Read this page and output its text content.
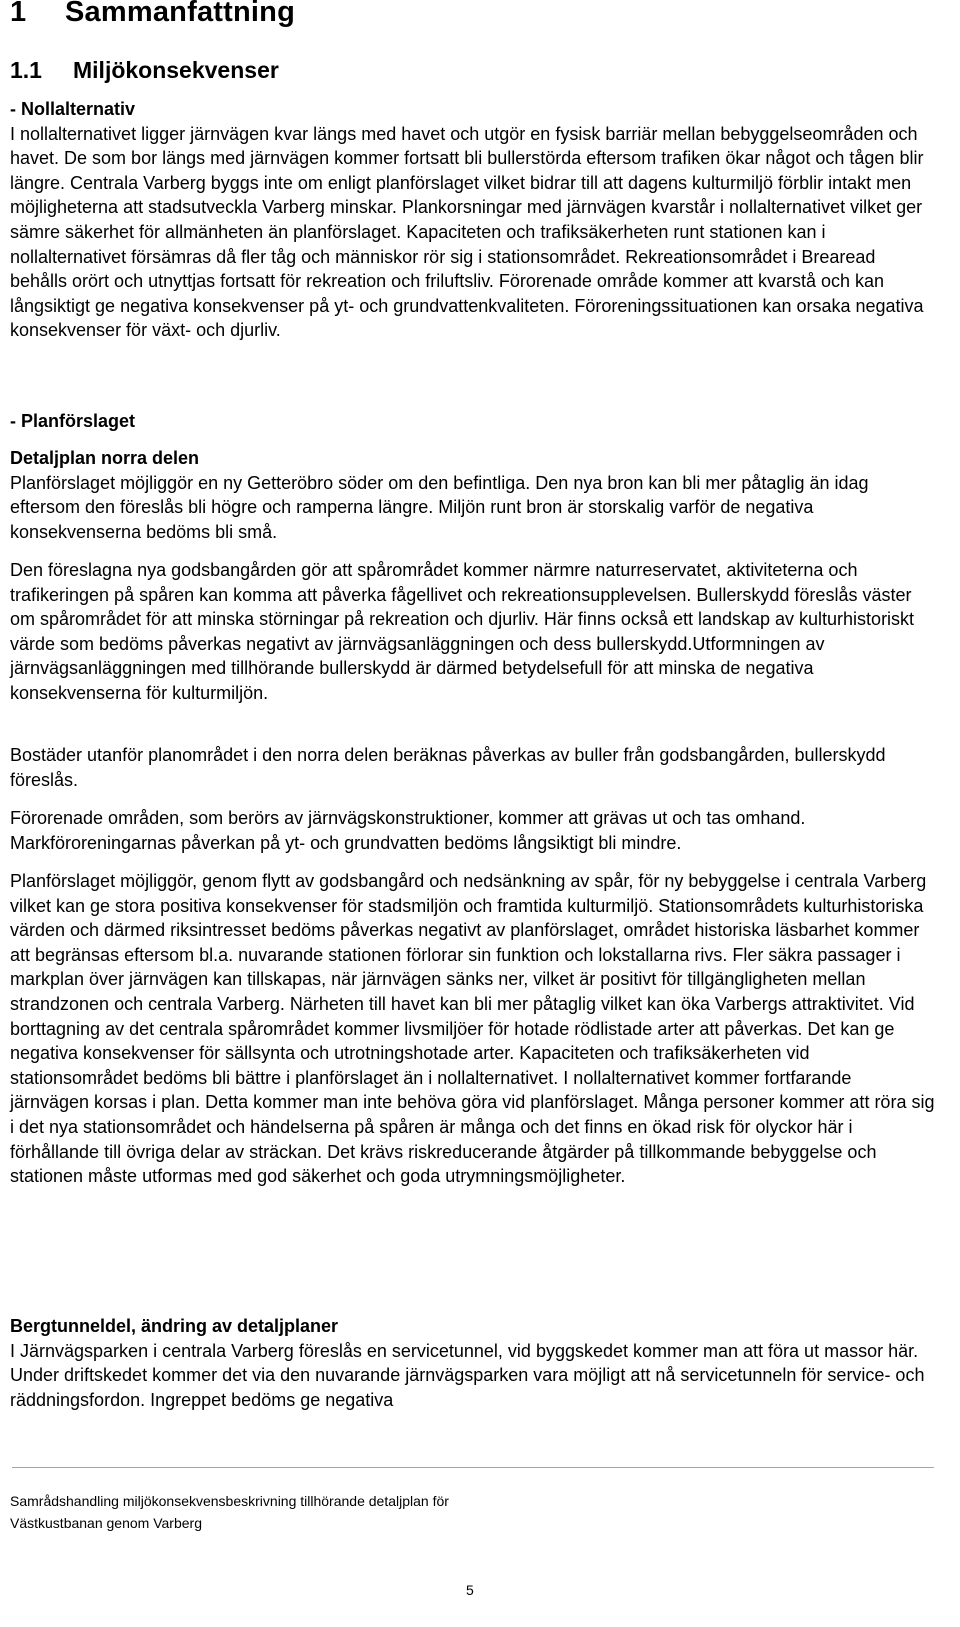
1 Sammanfattning
1.1 Miljökonsekvenser

- Nollalternativ

I nollalternativet ligger järnvägen kvar längs med havet och utgör en fysisk barriär mellan bebyggelseområden och havet. De som bor längs med järnvägen kommer fortsatt bli bullerstörda eftersom trafiken ökar något och tågen blir längre. Centrala Varberg byggs inte om enligt planförslaget vilket bidrar till att dagens kulturmiljö förblir intakt men möjligheterna att stadsutveckla Varberg minskar. Plankorsningar med järnvägen kvarstår i nollalternativet vilket ger sämre säkerhet för allmänheten än planförslaget. Kapaciteten och trafiksäkerheten runt stationen kan i nollalternativet försämras då fler tåg och människor rör sig i stationsområdet. Rekreationsområdet i Brearead behålls orört och utnyttjas fortsatt för rekreation och friluftsliv. Förorenade område kommer att kvarstå och kan långsiktigt ge negativa konsekvenser på yt- och grundvattenkvaliteten. Föroreningssituationen kan orsaka negativa konsekvenser för växt- och djurliv.

- Planförslaget

Detaljplan norra delen

Planförslaget möjliggör en ny Getteröbro söder om den befintliga. Den nya bron kan bli mer påtaglig än idag eftersom den föreslås bli högre och ramperna längre. Miljön runt bron är storskalig varför de negativa konsekvenserna bedöms bli små.

Den föreslagna nya godsbangården gör att spårområdet kommer närmre naturreservatet, aktiviteterna och trafikeringen på spåren kan komma att påverka fågellivet och rekreationsupplevelsen. Bullerskydd föreslås väster om spårområdet för att minska störningar på rekreation och djurliv. Här finns också ett landskap av kulturhistoriskt värde som bedöms påverkas negativt av järnvägsanläggningen och dess bullerskydd.Utformningen av järnvägsanläggningen med tillhörande bullerskydd är därmed betydelsefull för att minska de negativa konsekvenserna för kulturmiljön.

Bostäder utanför planområdet i den norra delen beräknas påverkas av buller från godsbangården, bullerskydd föreslås.

Förorenade områden, som berörs av järnvägskonstruktioner, kommer att grävas ut och tas omhand. Markföroreningarnas påverkan på yt- och grundvatten bedöms långsiktigt bli mindre.

Planförslaget möjliggör, genom flytt av godsbangård och nedsänkning av spår, för ny bebyggelse i centrala Varberg vilket kan ge stora positiva konsekvenser för stadsmiljön och framtida kulturmiljö. Stationsområdets kulturhistoriska värden och därmed riksintresset bedöms påverkas negativt av planförslaget, området historiska läsbarhet kommer att begränsas eftersom bl.a. nuvarande stationen förlorar sin funktion och lokstallarna rivs. Fler säkra passager i markplan över järnvägen kan tillskapas, när järnvägen sänks ner, vilket är positivt för tillgängligheten mellan strandzonen och centrala Varberg. Närheten till havet kan bli mer påtaglig vilket kan öka Varbergs attraktivitet. Vid borttagning av det centrala spårområdet kommer livsmiljöer för hotade rödlistade arter att påverkas. Det kan ge negativa konsekvenser för sällsynta och utrotningshotade arter. Kapaciteten och trafiksäkerheten vid stationsområdet bedöms bli bättre i planförslaget än i nollalternativet. I nollalternativet kommer fortfarande järnvägen korsas i plan. Detta kommer man inte behöva göra vid planförslaget. Många personer kommer att röra sig i det nya stationsområdet och händelserna på spåren är många och det finns en ökad risk för olyckor här i förhållande till övriga delar av sträckan. Det krävs riskreducerande åtgärder på tillkommande bebyggelse och stationen måste utformas med god säkerhet och goda utrymningsmöjligheter.

Bergtunneldel, ändring av detaljplaner

I Järnvägsparken i centrala Varberg föreslås en servicetunnel, vid byggskedet kommer man att föra ut massor här. Under driftskedet kommer det via den nuvarande järnvägsparken vara möjligt att nå servicetunneln för service- och räddningsfordon. Ingreppet bedöms ge negativa

Samrådshandling miljökonsekvensbeskrivning tillhörande detaljplan för
Västkustbanan genom Varberg
5
